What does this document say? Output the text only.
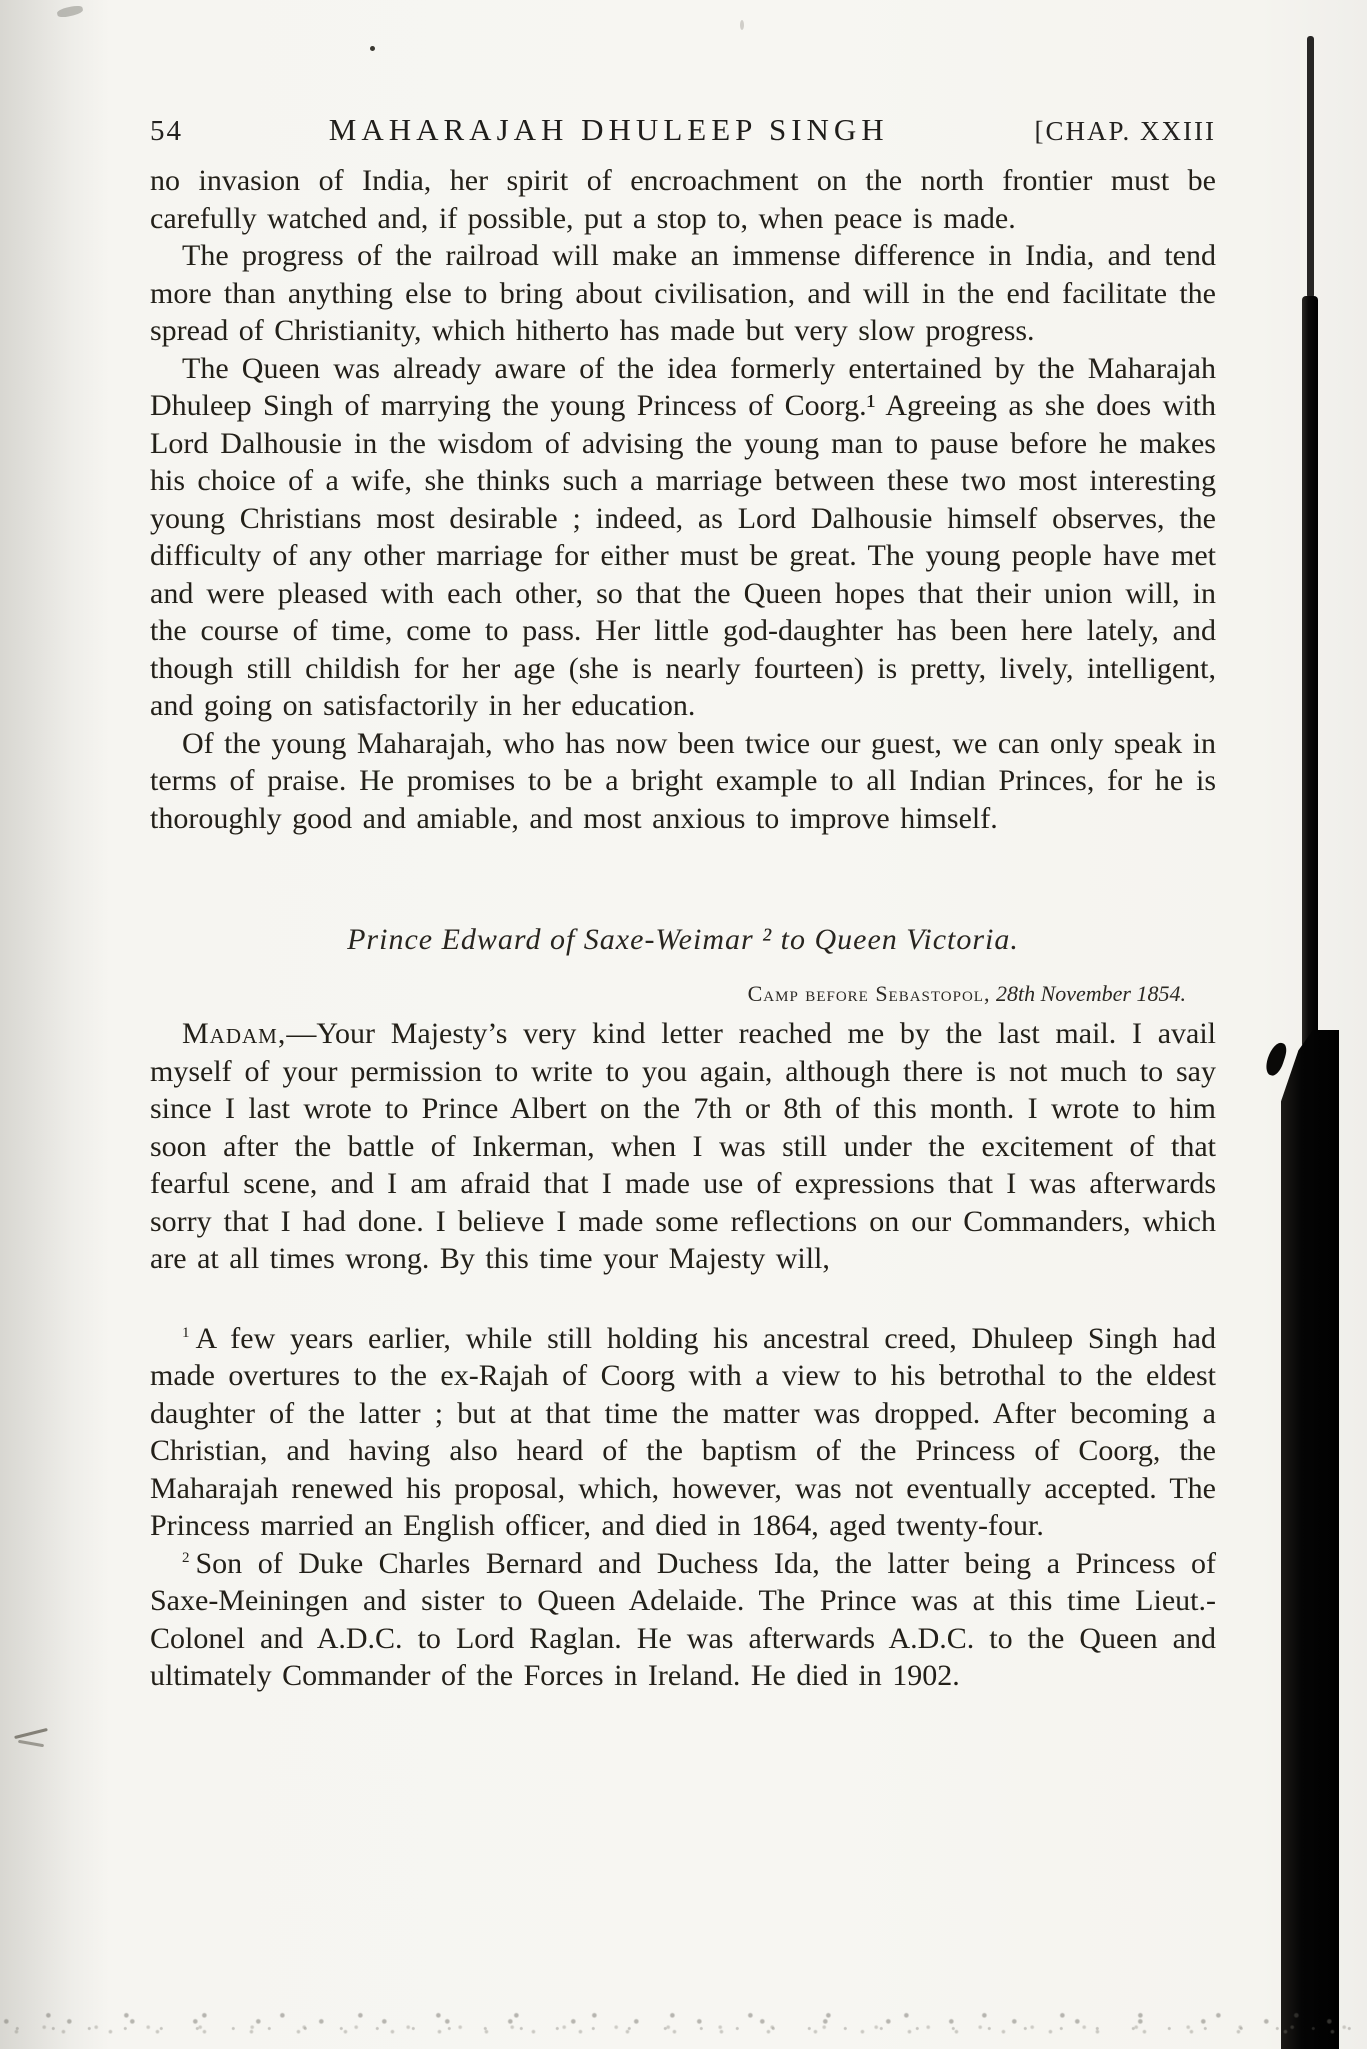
54	MAHARAJAH DHULEEP SINGH	[CHAP. XXIII

no invasion of India, her spirit of encroachment on the north frontier must be carefully watched and, if possible, put a stop to, when peace is made.

The progress of the railroad will make an immense difference in India, and tend more than anything else to bring about civilisation, and will in the end facilitate the spread of Christianity, which hitherto has made but very slow progress.

The Queen was already aware of the idea formerly entertained by the Maharajah Dhuleep Singh of marrying the young Princess of Coorg.¹ Agreeing as she does with Lord Dalhousie in the wisdom of advising the young man to pause before he makes his choice of a wife, she thinks such a marriage between these two most interesting young Christians most desirable ; indeed, as Lord Dalhousie himself observes, the difficulty of any other marriage for either must be great. The young people have met and were pleased with each other, so that the Queen hopes that their union will, in the course of time, come to pass. Her little god-daughter has been here lately, and though still childish for her age (she is nearly fourteen) is pretty, lively, intelligent, and going on satisfactorily in her education.

Of the young Maharajah, who has now been twice our guest, we can only speak in terms of praise. He promises to be a bright example to all Indian Princes, for he is thoroughly good and amiable, and most anxious to improve himself.

Prince Edward of Saxe-Weimar ² to Queen Victoria.
Camp before Sebastopol, 28th November 1854.

Madam,—Your Majesty’s very kind letter reached me by the last mail. I avail myself of your permission to write to you again, although there is not much to say since I last wrote to Prince Albert on the 7th or 8th of this month. I wrote to him soon after the battle of Inkerman, when I was still under the excitement of that fearful scene, and I am afraid that I made use of expressions that I was afterwards sorry that I had done. I believe I made some reflections on our Commanders, which are at all times wrong. By this time your Majesty will,

$^1$ A few years earlier, while still holding his ancestral creed, Dhuleep Singh had made overtures to the ex-Rajah of Coorg with a view to his betrothal to the eldest daughter of the latter ; but at that time the matter was dropped. After becoming a Christian, and having also heard of the baptism of the Princess of Coorg, the Maharajah renewed his proposal, which, however, was not eventually accepted. The Princess married an English officer, and died in 1864, aged twenty-four.

$^2$ Son of Duke Charles Bernard and Duchess Ida, the latter being a Princess of Saxe-Meiningen and sister to Queen Adelaide. The Prince was at this time Lieut.-Colonel and A.D.C. to Lord Raglan. He was afterwards A.D.C. to the Queen and ultimately Commander of the Forces in Ireland. He died in 1902.
